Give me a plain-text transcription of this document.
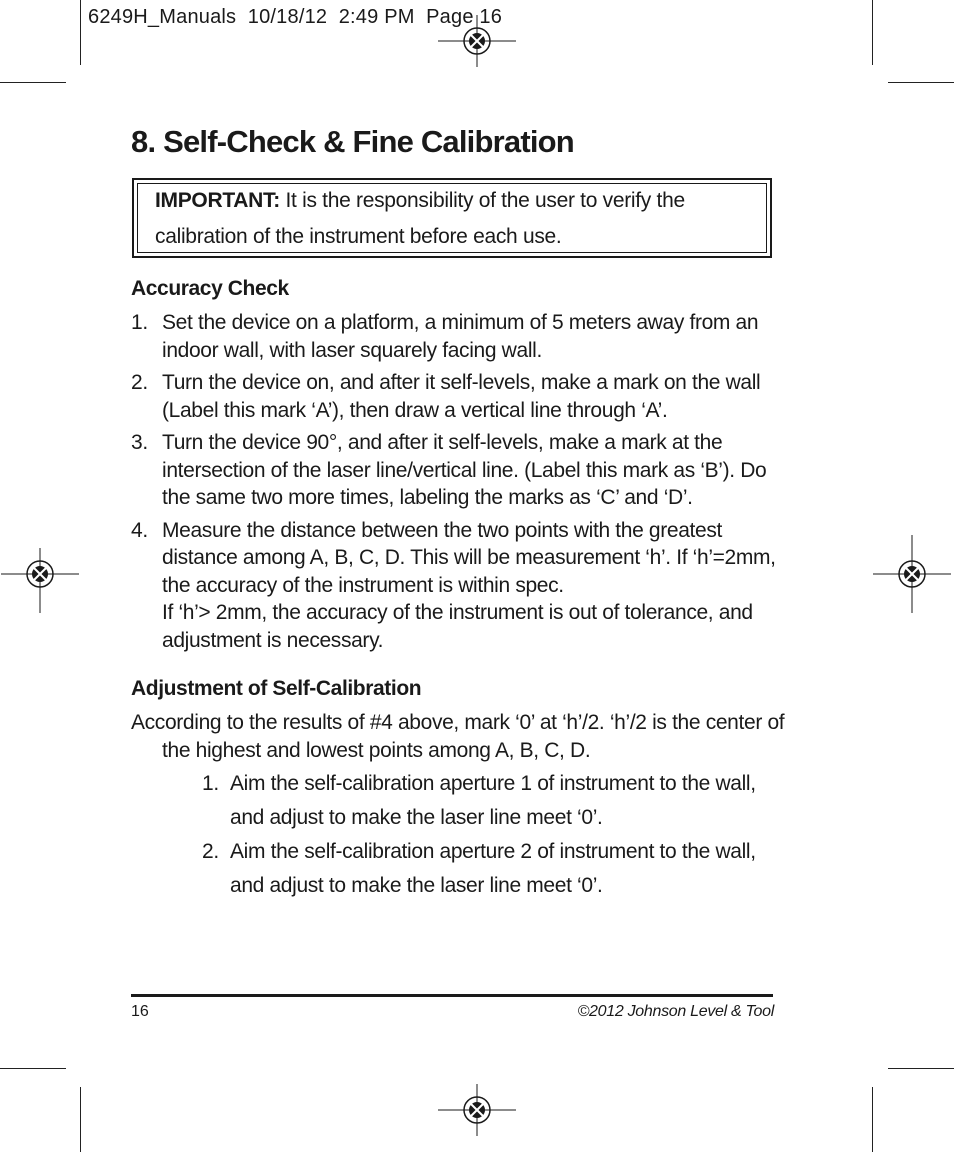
6249H_Manuals  10/18/12  2:49 PM  Page 16
8. Self-Check & Fine Calibration
IMPORTANT: It is the responsibility of the user to verify the calibration of the instrument before each use.
Accuracy Check
1. Set the device on a platform, a minimum of 5 meters away from an indoor wall, with laser squarely facing wall.
2. Turn the device on, and after it self-levels, make a mark on the wall (Label this mark ‘A’), then draw a vertical line through ‘A’.
3. Turn the device 90°, and after it self-levels, make a mark at the intersection of the laser line/vertical line. (Label this mark as ‘B’). Do the same two more times, labeling the marks as ‘C’ and ‘D’.
4. Measure the distance between the two points with the greatest distance among A, B, C, D. This will be measurement ‘h’. If ‘h’=2mm, the accuracy of the instrument is within spec.
If ‘h’> 2mm, the accuracy of the instrument is out of tolerance, and adjustment is necessary.
Adjustment of Self-Calibration
According to the results of #4 above, mark ‘0’ at ‘h’/2. ‘h’/2 is the center of the highest and lowest points among A, B, C, D.
1. Aim the self-calibration aperture 1 of instrument to the wall, and adjust to make the laser line meet ‘0’.
2. Aim the self-calibration aperture 2 of instrument to the wall, and adjust to make the laser line meet ‘0’.
16	©2012 Johnson Level & Tool
